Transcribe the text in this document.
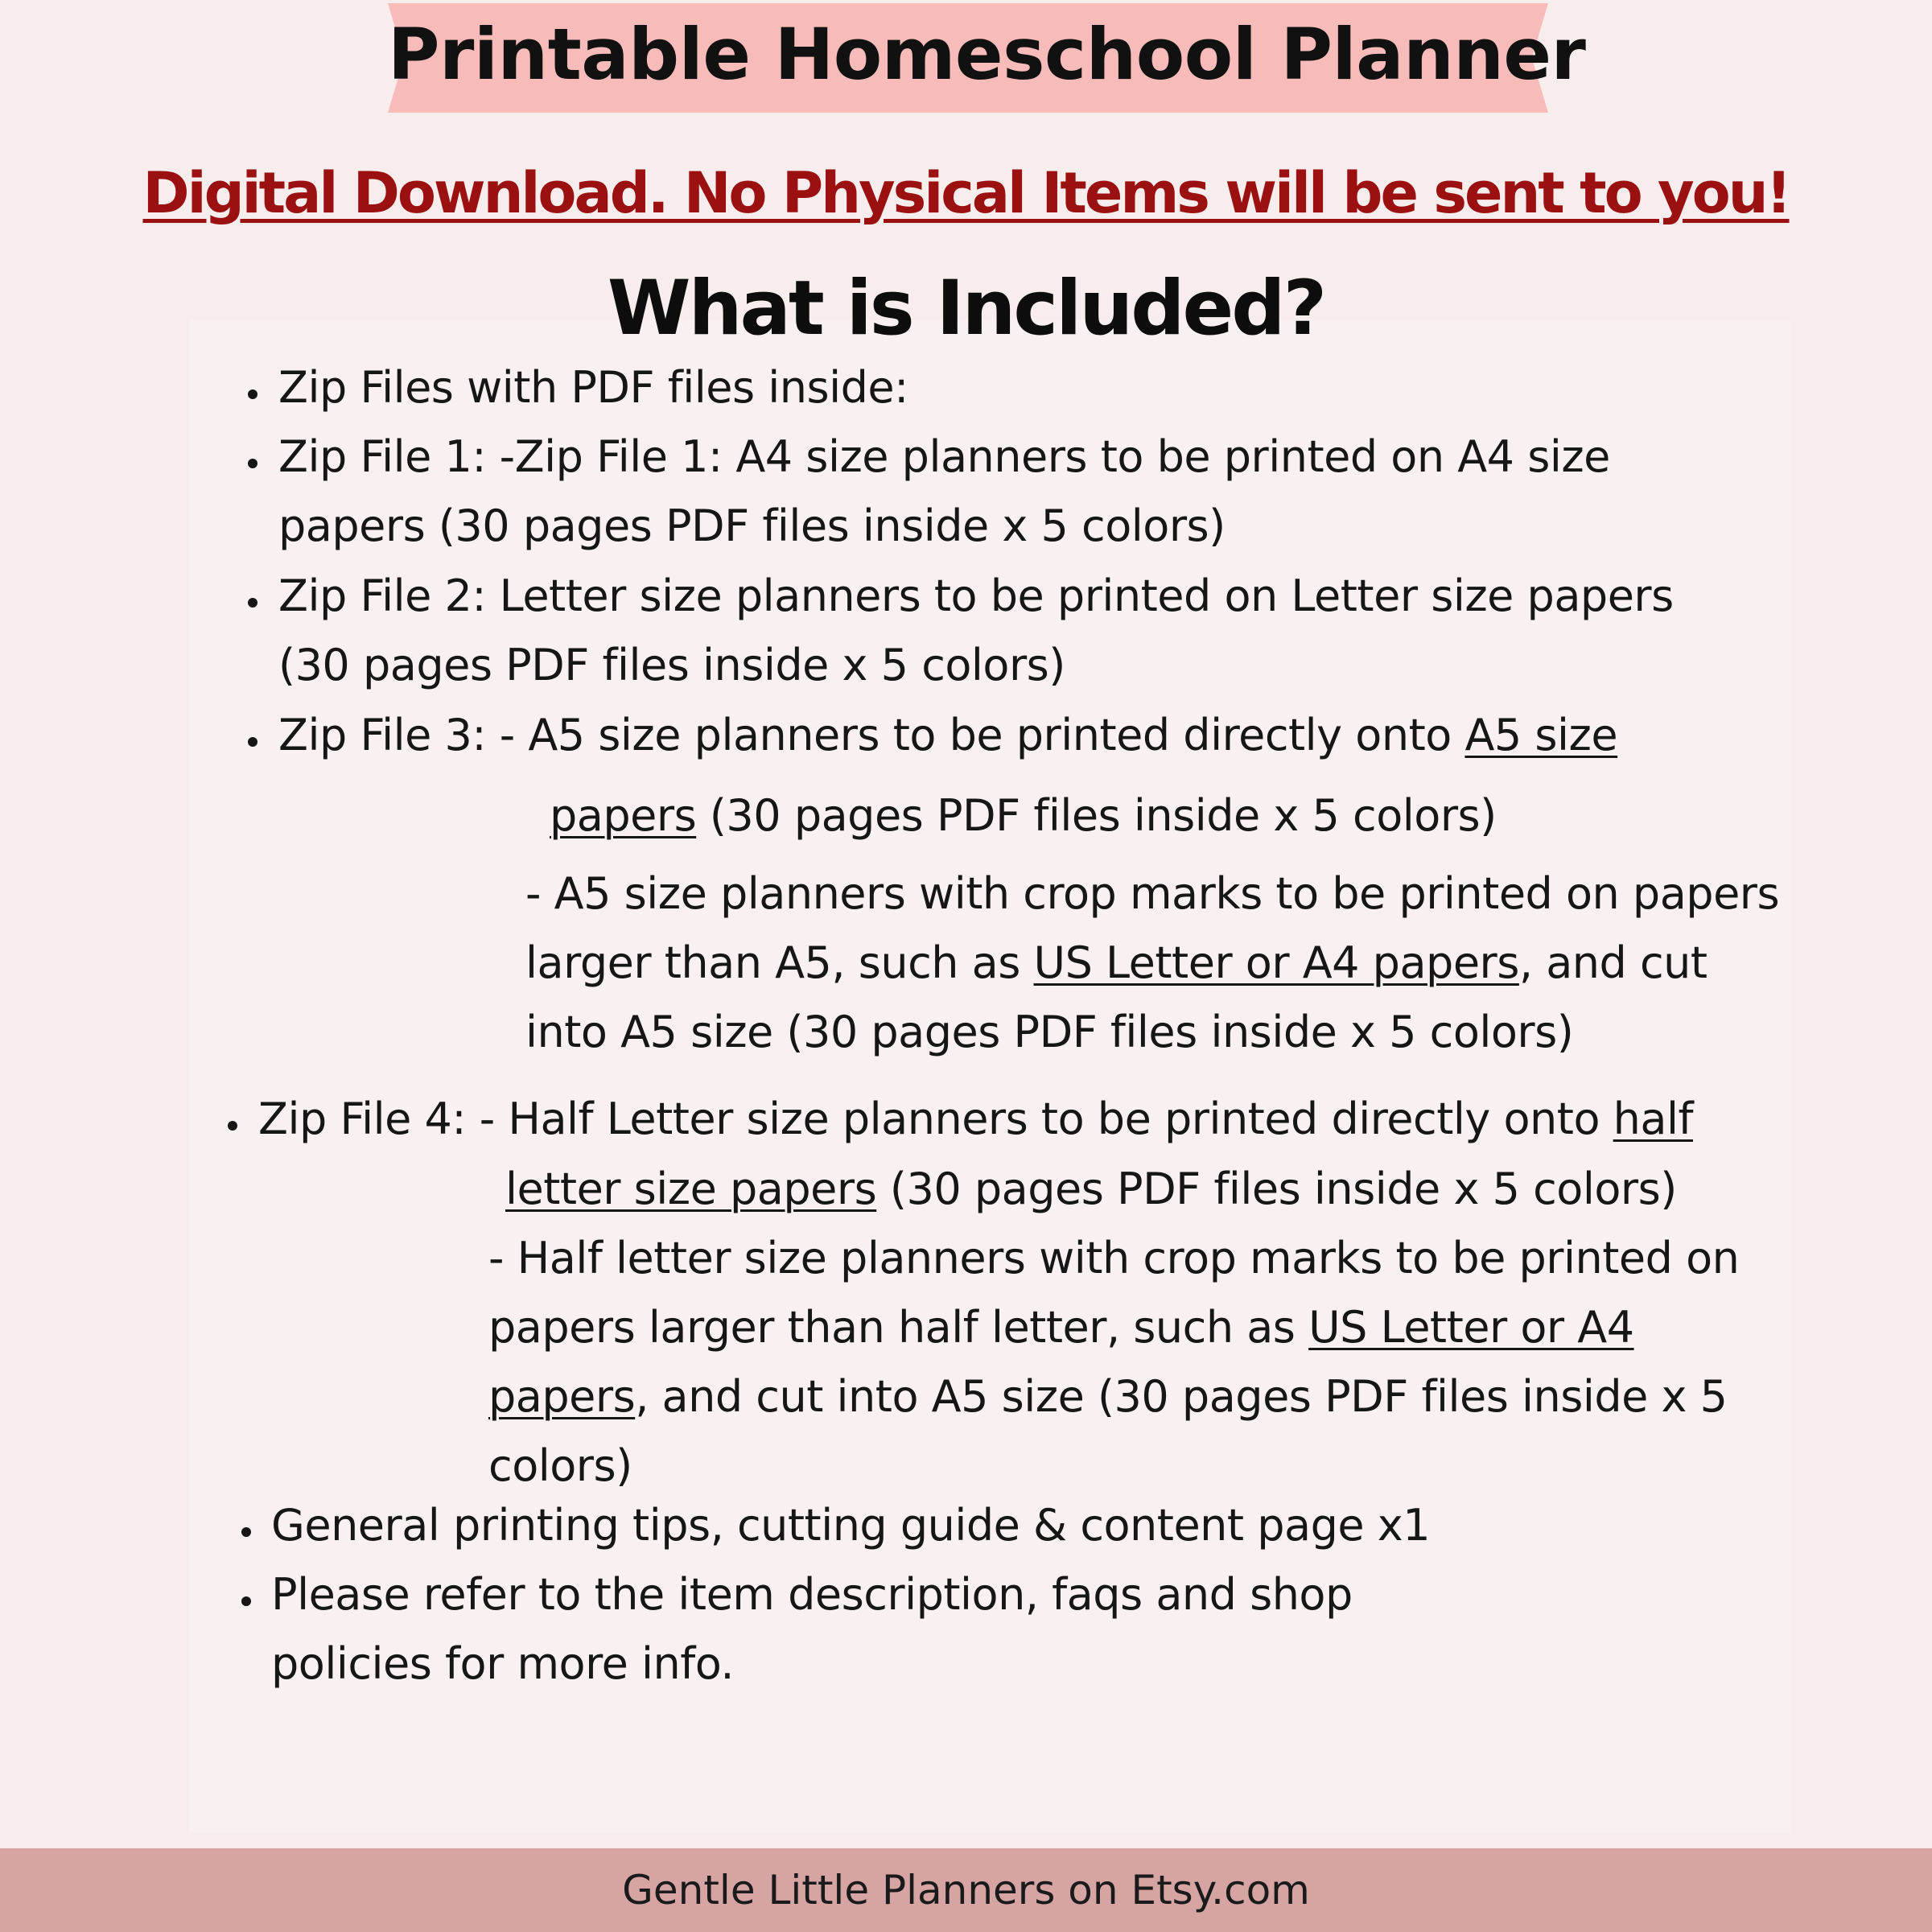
Printable Homeschool Planner
Digital Download. No Physical Items will be sent to you!
What is Included?
Zip Files with PDF files inside:
Zip File 1: -Zip File 1: A4 size planners to be printed on A4 size
papers (30 pages PDF files inside x 5 colors)
Zip File 2: Letter size planners to be printed on Letter size papers
(30 pages PDF files inside x 5 colors)
Zip File 3: - A5 size planners to be printed directly onto A5 size
papers (30 pages PDF files inside x 5 colors)
- A5 size planners with crop marks to be printed on papers
larger than A5, such as US Letter or A4 papers, and cut
into A5 size (30 pages PDF files inside x 5 colors)
Zip File 4: - Half Letter size planners to be printed directly onto half
letter size papers (30 pages PDF files inside x 5 colors)
- Half letter size planners with crop marks to be printed on
papers larger than half letter, such as US Letter or A4
papers, and cut into A5 size (30 pages PDF files inside x 5
colors)
General printing tips, cutting guide & content page x1
Please refer to the item description, faqs and shop
policies for more info.
Gentle Little Planners on Etsy.com
